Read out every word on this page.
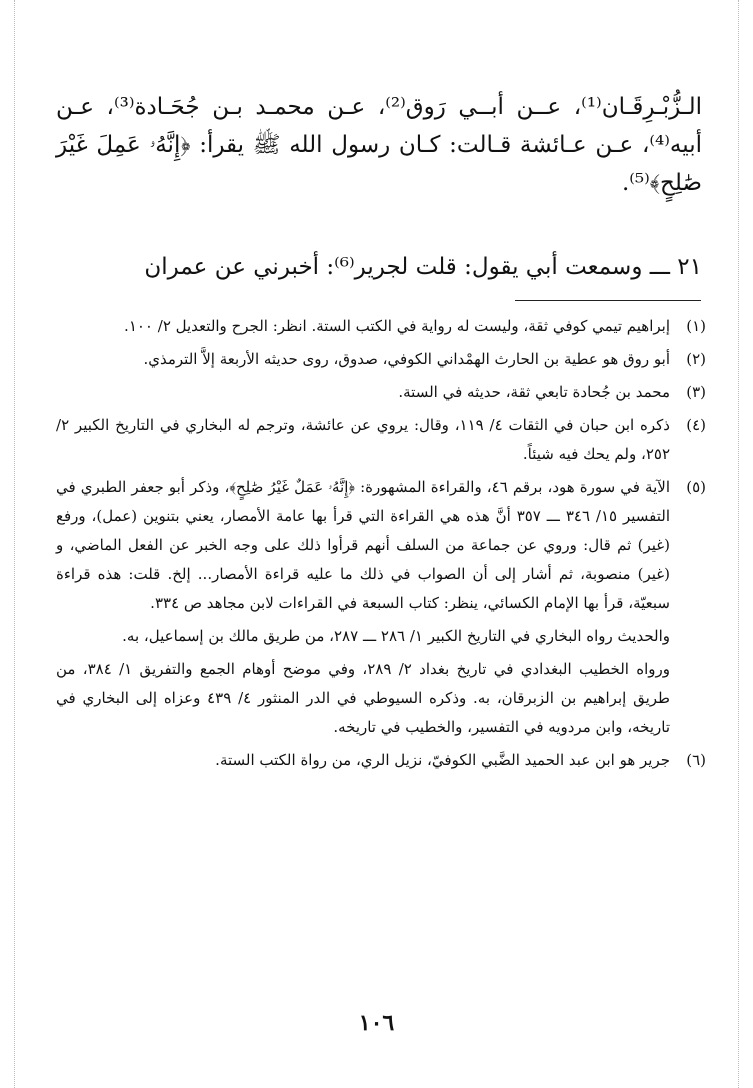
الـزُّبْـرِقَـان⁽¹⁾، عــن أبــي رَوق⁽²⁾، عـن محمـد بـن جُحَـادة⁽³⁾، عـن أبيه⁽⁴⁾، عـن عـائشة قـالت: كـان رسول الله ﷺ يقرأ: ﴿إِنَّهُۥ عَمِلَ غَيْرَ صَٰلِحٍ﴾⁽⁵⁾.

٢١ ـــ وسمعت أبي يقول: قلت لجرير⁽⁶⁾: أخبرني عن عمران
(١)
إبراهيم تيمي كوفي ثقة، وليست له رواية في الكتب الستة. انظر: الجرح والتعديل ٢/ ١٠٠.
(٢)
أبو روق هو عطية بن الحارث الهمْداني الكوفي، صدوق، روى حديثه الأربعة إلاَّ الترمذي.
(٣)
محمد بن جُحادة تابعي ثقة، حديثه في الستة.
(٤)
ذكره ابن حبان في الثقات ٤/ ١١٩، وقال: يروي عن عائشة، وترجم له البخاري في التاريخ الكبير ٢/ ٢٥٢، ولم يحك فيه شيئاً.
(٥)
الآية في سورة هود، برقم ٤٦، والقراءة المشهورة: ﴿إِنَّهُۥ عَمَلٌ غَيْرُ صَٰلِحٍ﴾، وذكر أبو جعفر الطبري في التفسير ١٥/ ٣٤٦ ـــ ٣٥٧ أنَّ هذه هي القراءة التي قرأ بها عامة الأمصار، يعني بتنوين (عمل)، ورفع (غير) ثم قال: وروي عن جماعة من السلف أنهم قرأوا ذلك على وجه الخبر عن الفعل الماضي، و (غير) منصوبة، ثم أشار إلى أن الصواب في ذلك ما عليه قراءة الأمصار... إلخ. قلت: هذه قراءة سبعيّة، قرأ بها الإمام الكسائي، ينظر: كتاب السبعة في القراءات لابن مجاهد ص ٣٣٤.
والحديث رواه البخاري في التاريخ الكبير ١/ ٢٨٦ ـــ ٢٨٧، من طريق مالك بن إسماعيل، به.
ورواه الخطيب البغدادي في تاريخ بغداد ٢/ ٢٨٩، وفي موضح أوهام الجمع والتفريق ١/ ٣٨٤، من طريق إبراهيم بن الزبرقان، به. وذكره السيوطي في الدر المنثور ٤/ ٤٣٩ وعزاه إلى البخاري في تاريخه، وابن مردويه في التفسير، والخطيب في تاريخه.
(٦)
جرير هو ابن عبد الحميد الضَّبي الكوفيّ، نزيل الري، من رواة الكتب الستة.
١٠٦
